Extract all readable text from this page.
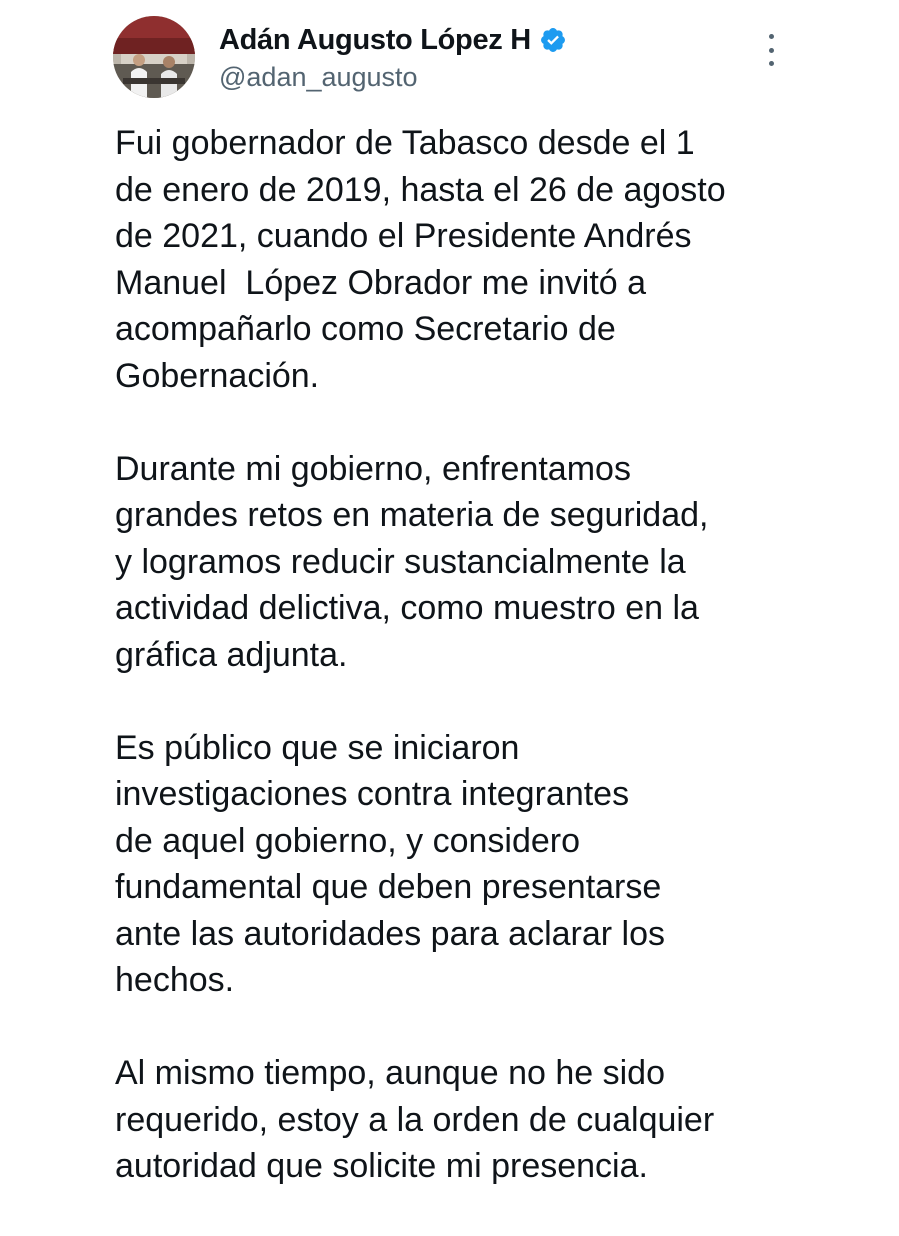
Adán Augusto López H
@adan_augusto
Fui gobernador de Tabasco desde el 1
de enero de 2019, hasta el 26 de agosto
de 2021, cuando el Presidente Andrés
Manuel  López Obrador me invitó a
acompañarlo como Secretario de
Gobernación.
Durante mi gobierno, enfrentamos
grandes retos en materia de seguridad,
y logramos reducir sustancialmente la
actividad delictiva, como muestro en la
gráfica adjunta.
Es público que se iniciaron
investigaciones contra integrantes
de aquel gobierno, y considero
fundamental que deben presentarse
ante las autoridades para aclarar los
hechos.
Al mismo tiempo, aunque no he sido
requerido, estoy a la orden de cualquier
autoridad que solicite mi presencia.
